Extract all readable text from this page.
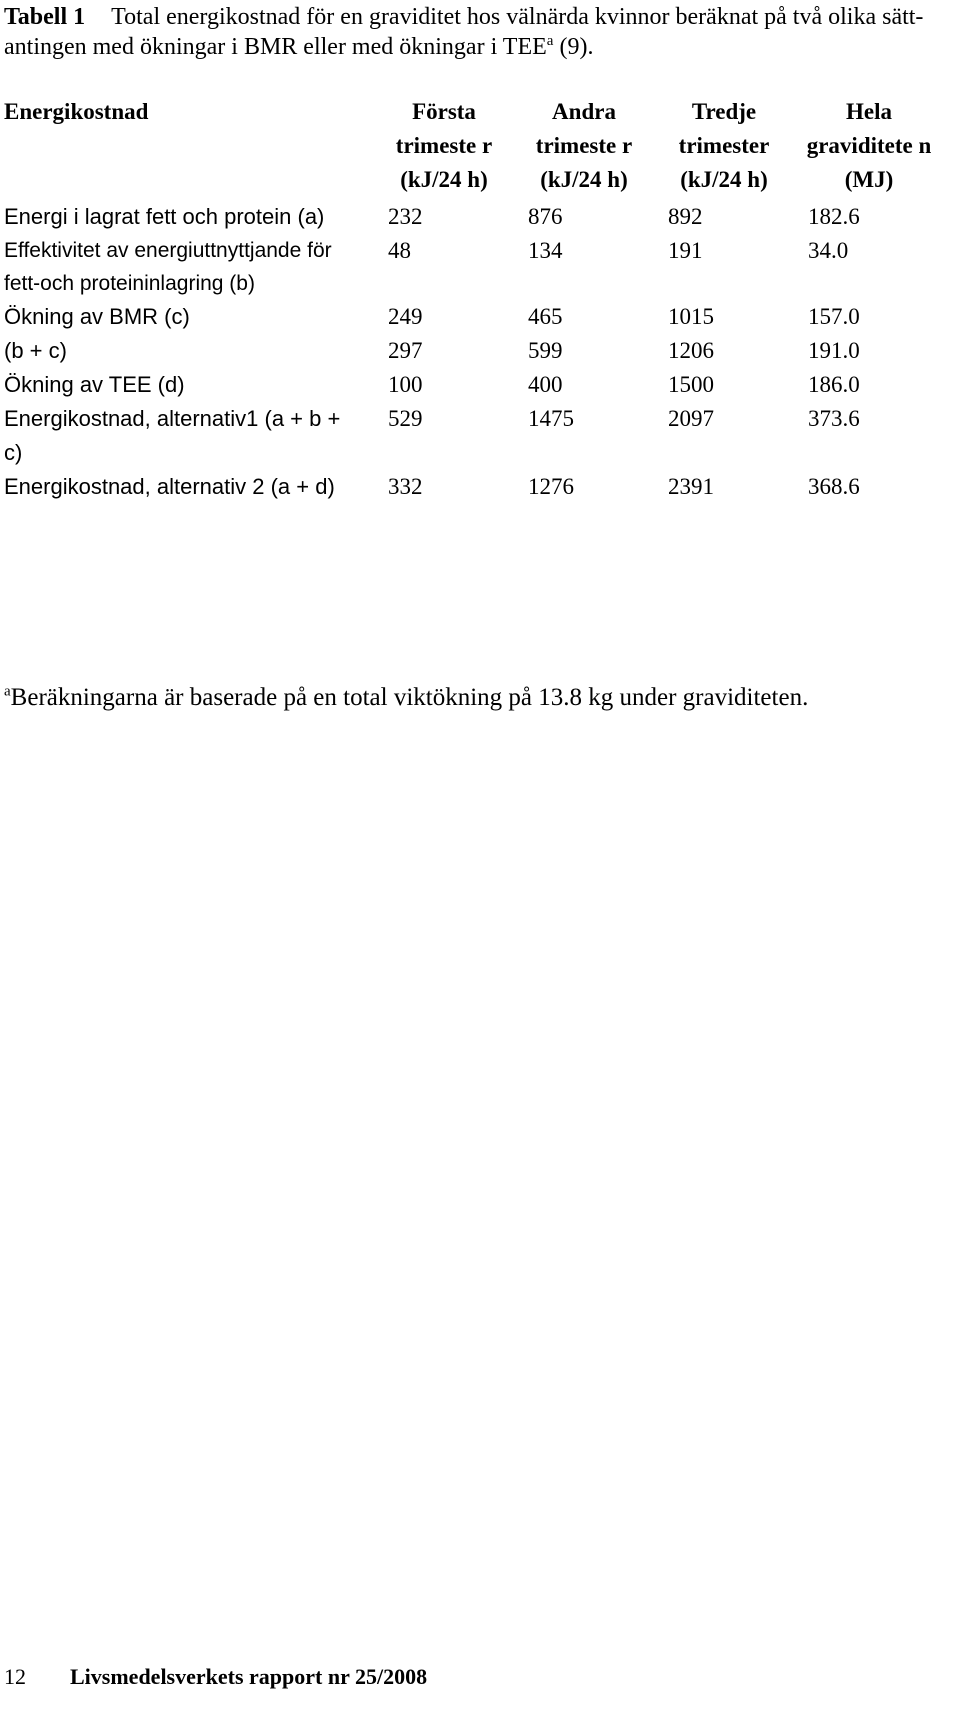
Tabell 1 Total energikostnad för en graviditet hos välnärda kvinnor beräknat på två olika sätt- antingen med ökningar i BMR eller med ökningar i TEE$^a$ (9).
Energikostnad	Första trimeste r (kJ/24 h)	Andra trimeste r (kJ/24 h)	Tredje trimester (kJ/24 h)	Hela graviditete n (MJ)
Energi i lagrat fett och protein (a)	232	876	892	182.6
Effektivitet av energiuttnyttjande för fett-och proteininlagring (b)	48	134	191	34.0
Ökning av BMR (c)	249	465	1015	157.0
(b + c)	297	599	1206	191.0
Ökning av TEE (d)	100	400	1500	186.0
Energikostnad, alternativ1 (a + b + c)	529	1475	2097	373.6
Energikostnad, alternativ 2 (a + d)	332	1276	2391	368.6
$^a$Beräkningarna är baserade på en total viktökning på 13.8 kg under graviditeten.
12 Livsmedelsverkets rapport nr 25/2008
